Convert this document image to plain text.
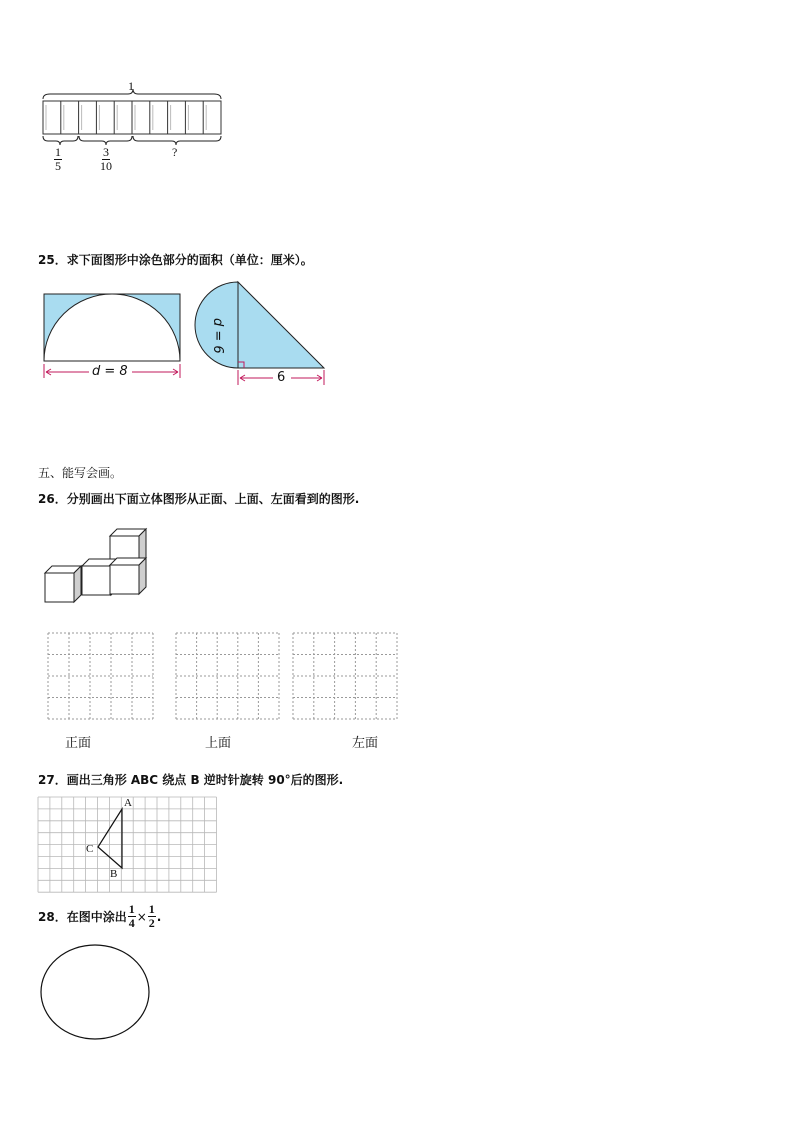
1
$\frac{1}{5}$	$\frac{3}{10}$	?
25．求下面图形中涂色部分的面积（单位：厘米）。
d = 8
d = 6
6
五、能写会画。
26．分别画出下面立体图形从正面、上面、左面看到的图形.
正面	上面	左面
27．画出三角形 ABC 绕点 B 逆时针旋转 90°后的图形.
A
B
C
28．在图中涂出 $\frac{1}{4} \times \frac{1}{2}$ .
